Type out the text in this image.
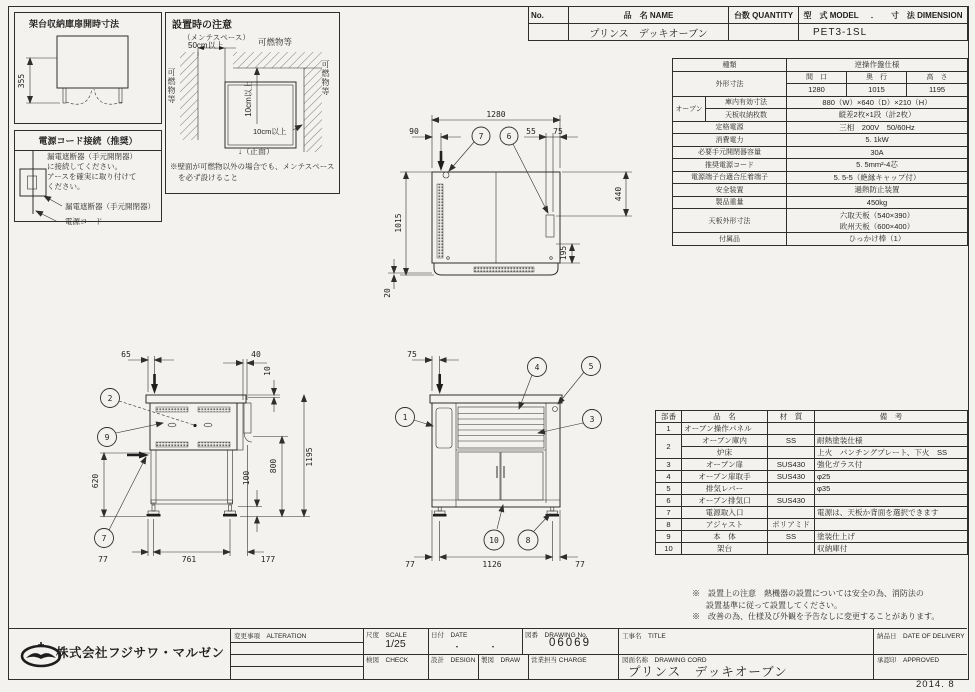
355
10cm以上	1280
90	55 75
440
195
1015
20
7	6
65	40
10
1195
800
100
620
77	761	177
2
9
7
75
77	1126	77
1
4	5
3
10	8
架台収納庫扉開時寸法
電源コード接続（推奨）
漏電遮断器（手元開閉器）
に接続してください。
アースを確実に取り付けて
ください。
漏電遮断器（手元開閉器）
電源コード
設置時の注意
（メンテスペース）
50cm以上	可燃物等
可燃物等	可燃物等
10cm以上
↓（正面）
※壁面が可燃物以外の場合でも、メンテスペース
を必ず設けること
No.	品　名 NAME	台数 QUANTITY	型　式 MODEL ． 寸　法 DIMENSION
	プリンス　デッキオーブン		PET3-1SL
種類		逆操作盤仕様		
外形寸法		間　口	奥　行	高　さ
		1280	1015	1195
オーブン	庫内有効寸法	880（W）×640（D）×210（H）		
	天板収納枚数	縦差2枚×1段（計2枚）		
定格電源		三相　200V　50/60Hz		
消費電力		5. 1kW		
必要手元開閉器容量		30A		
推奨電源コード		5. 5mm²-4芯		
電源端子台適合圧着端子		5. 5-5（絶縁キャップ付）		
安全装置		過熱防止装置		
製品重量		450kg		
天板外形寸法		六取天板（540×390）
欧州天板（600×400）		

付属品		ひっかけ棒（1）		
部番	品　名	材　質	備　考
1	オーブン操作パネル		
2	オーブン庫内	SS	耐熱塗装仕様
	炉床		上火　パンチングプレート、下火　SS
3	オーブン扉	SUS430	強化ガラス付
4	オーブン扉取手	SUS430	φ25
5	排気レバー		φ35
6	オーブン排気口	SUS430	
7	電源取入口		電源は、天板か背面を選択できます
8	アジャスト	ポリアミド	
9	本　体	SS	塗装仕上げ
10	架台		収納庫付
※　設置上の注意　熱機器の設置については安全の為、消防法の
設置基準に従って設置してください。
※　改善の為、仕様及び外観を予告なしに変更することがあります。
株式会社フジサワ・マルゼン
変更事項　ALTERATION	尺度　SCALE
1/25
日付　DATE
・　　　・
図番　DRAWING No.
06069
検図　CHECK	設計　DESIGN 製図　DRAW 営業担当 CHARGE
工事名　TITLE
図面名称　DRAWING CORD
プリンス　デッキオーブン
納品日　DATE OF DELIVERY
承認印　APPROVED
2014. 8
